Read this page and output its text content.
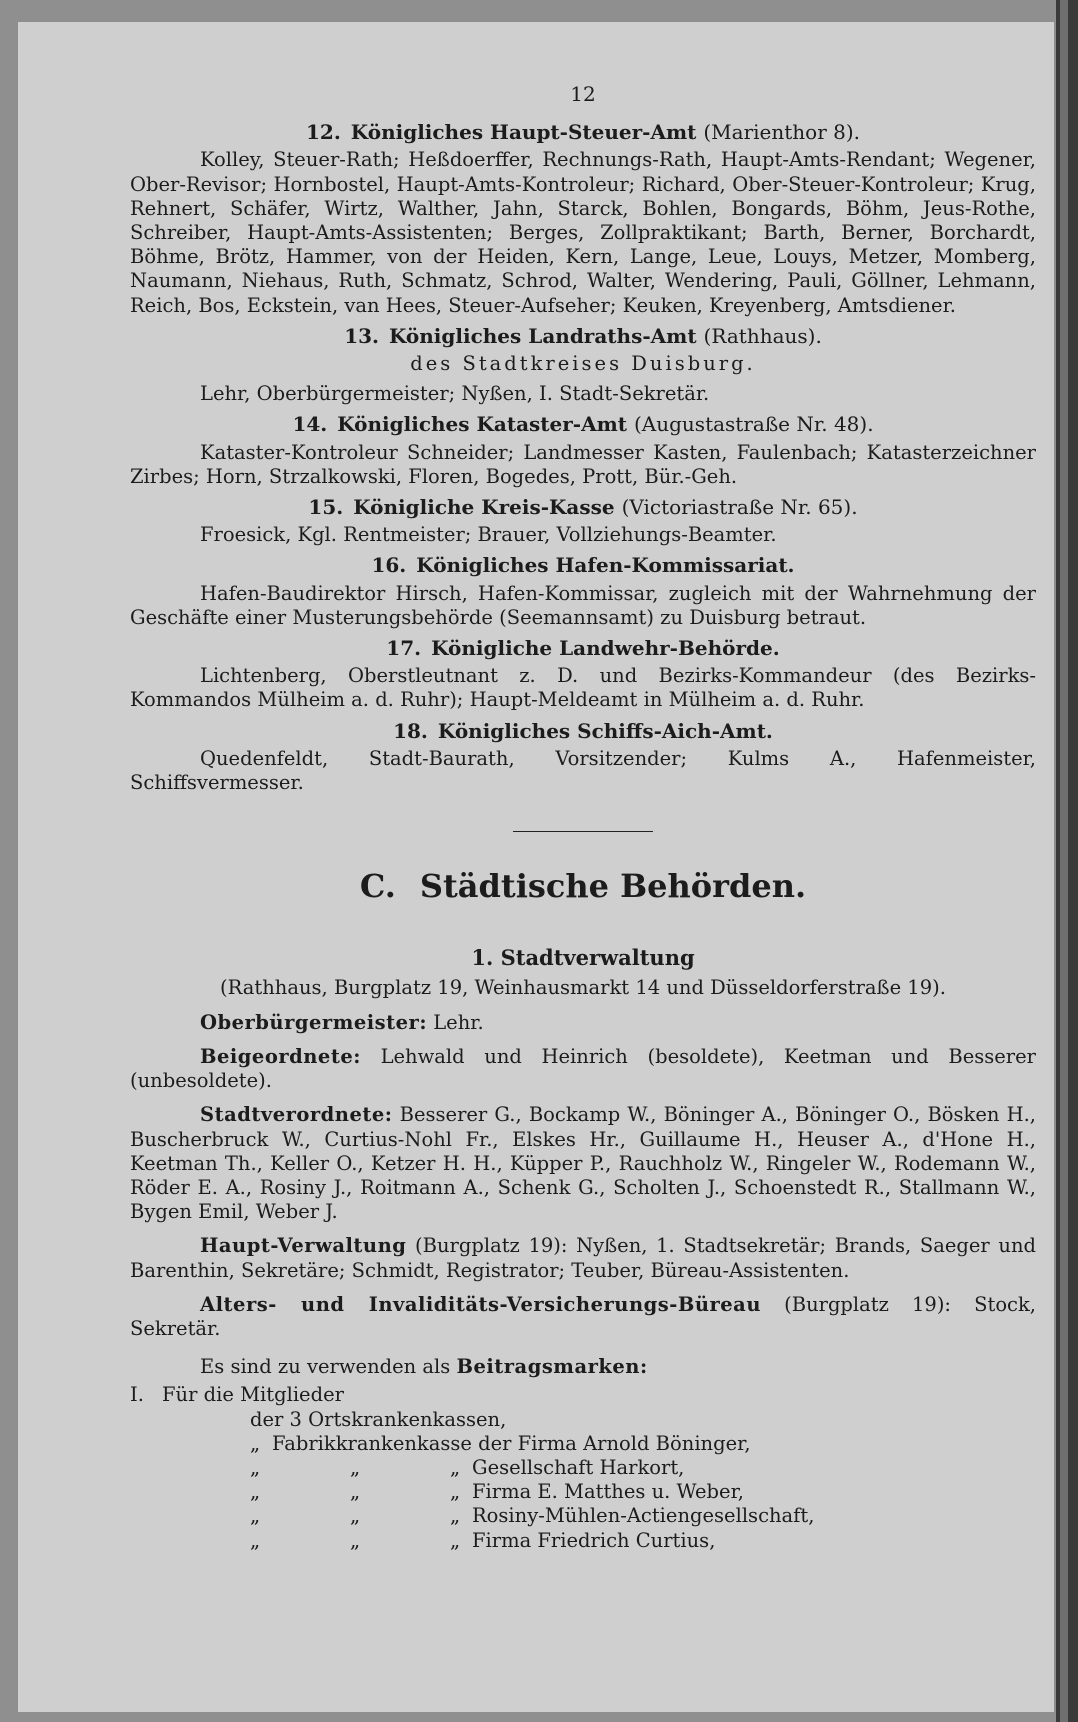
12
12. Königliches Haupt-Steuer-Amt (Marienthor 8).

Kolley, Steuer-Rath; Heßdoerffer, Rechnungs-Rath, Haupt-Amts-Rendant; Wegener, Ober-Revisor; Hornbostel, Haupt-Amts-Kontroleur; Richard, Ober-Steuer-Kontroleur; Krug, Rehnert, Schäfer, Wirtz, Walther, Jahn, Starck, Bohlen, Bongards, Böhm, Jeus-Rothe, Schreiber, Haupt-Amts-Assistenten; Berges, Zollpraktikant; Barth, Berner, Borchardt, Böhme, Brötz, Hammer, von der Heiden, Kern, Lange, Leue, Louys, Metzer, Momberg, Naumann, Niehaus, Ruth, Schmatz, Schrod, Walter, Wendering, Pauli, Göllner, Lehmann, Reich, Bos, Eckstein, van Hees, Steuer-Aufseher; Keuken, Kreyenberg, Amtsdiener.

13. Königliches Landraths-Amt (Rathhaus).
des Stadtkreises Duisburg.

Lehr, Oberbürgermeister; Nyßen, I. Stadt-Sekretär.

14. Königliches Kataster-Amt (Augustastraße Nr. 48).

Kataster-Kontroleur Schneider; Landmesser Kasten, Faulenbach; Katasterzeichner Zirbes; Horn, Strzalkowski, Floren, Bogedes, Prott, Bür.-Geh.

15. Königliche Kreis-Kasse (Victoriastraße Nr. 65).

Froesick, Kgl. Rentmeister; Brauer, Vollziehungs-Beamter.

16. Königliches Hafen-Kommissariat.

Hafen-Baudirektor Hirsch, Hafen-Kommissar, zugleich mit der Wahrnehmung der Geschäfte einer Musterungsbehörde (Seemannsamt) zu Duisburg betraut.

17. Königliche Landwehr-Behörde.

Lichtenberg, Oberstleutnant z. D. und Bezirks-Kommandeur (des Bezirks-Kommandos Mülheim a. d. Ruhr); Haupt-Meldeamt in Mülheim a. d. Ruhr.

18. Königliches Schiffs-Aich-Amt.

Quedenfeldt, Stadt-Baurath, Vorsitzender; Kulms A., Hafenmeister, Schiffsvermesser.

C. Städtische Behörden.
1. Stadtverwaltung
(Rathhaus, Burgplatz 19, Weinhausmarkt 14 und Düsseldorferstraße 19).

Oberbürgermeister: Lehr.

Beigeordnete: Lehwald und Heinrich (besoldete), Keetman und Besserer (unbesoldete).

Stadtverordnete: Besserer G., Bockamp W., Böninger A., Böninger O., Bösken H., Buscherbruck W., Curtius-Nohl Fr., Elskes Hr., Guillaume H., Heuser A., d'Hone H., Keetman Th., Keller O., Ketzer H. H., Küpper P., Rauchholz W., Ringeler W., Rodemann W., Röder E. A., Rosiny J., Roitmann A., Schenk G., Scholten J., Schoenstedt R., Stallmann W., Bygen Emil, Weber J.

Haupt-Verwaltung (Burgplatz 19): Nyßen, 1. Stadtsekretär; Brands, Saeger und Barenthin, Sekretäre; Schmidt, Registrator; Teuber, Büreau-Assistenten.

Alters- und Invaliditäts-Versicherungs-Büreau (Burgplatz 19): Stock, Sekretär.

Es sind zu verwenden als Beitragsmarken:

I. Für die Mitglieder
der 3 Ortskrankenkassen,
„ Fabrikkrankenkasse der Firma Arnold Böninger,
„	„	„ Gesellschaft Harkort,
„	„	„ Firma E. Matthes u. Weber,
„	„	„ Rosiny-Mühlen-Actiengesellschaft,
„	„	„ Firma Friedrich Curtius,
